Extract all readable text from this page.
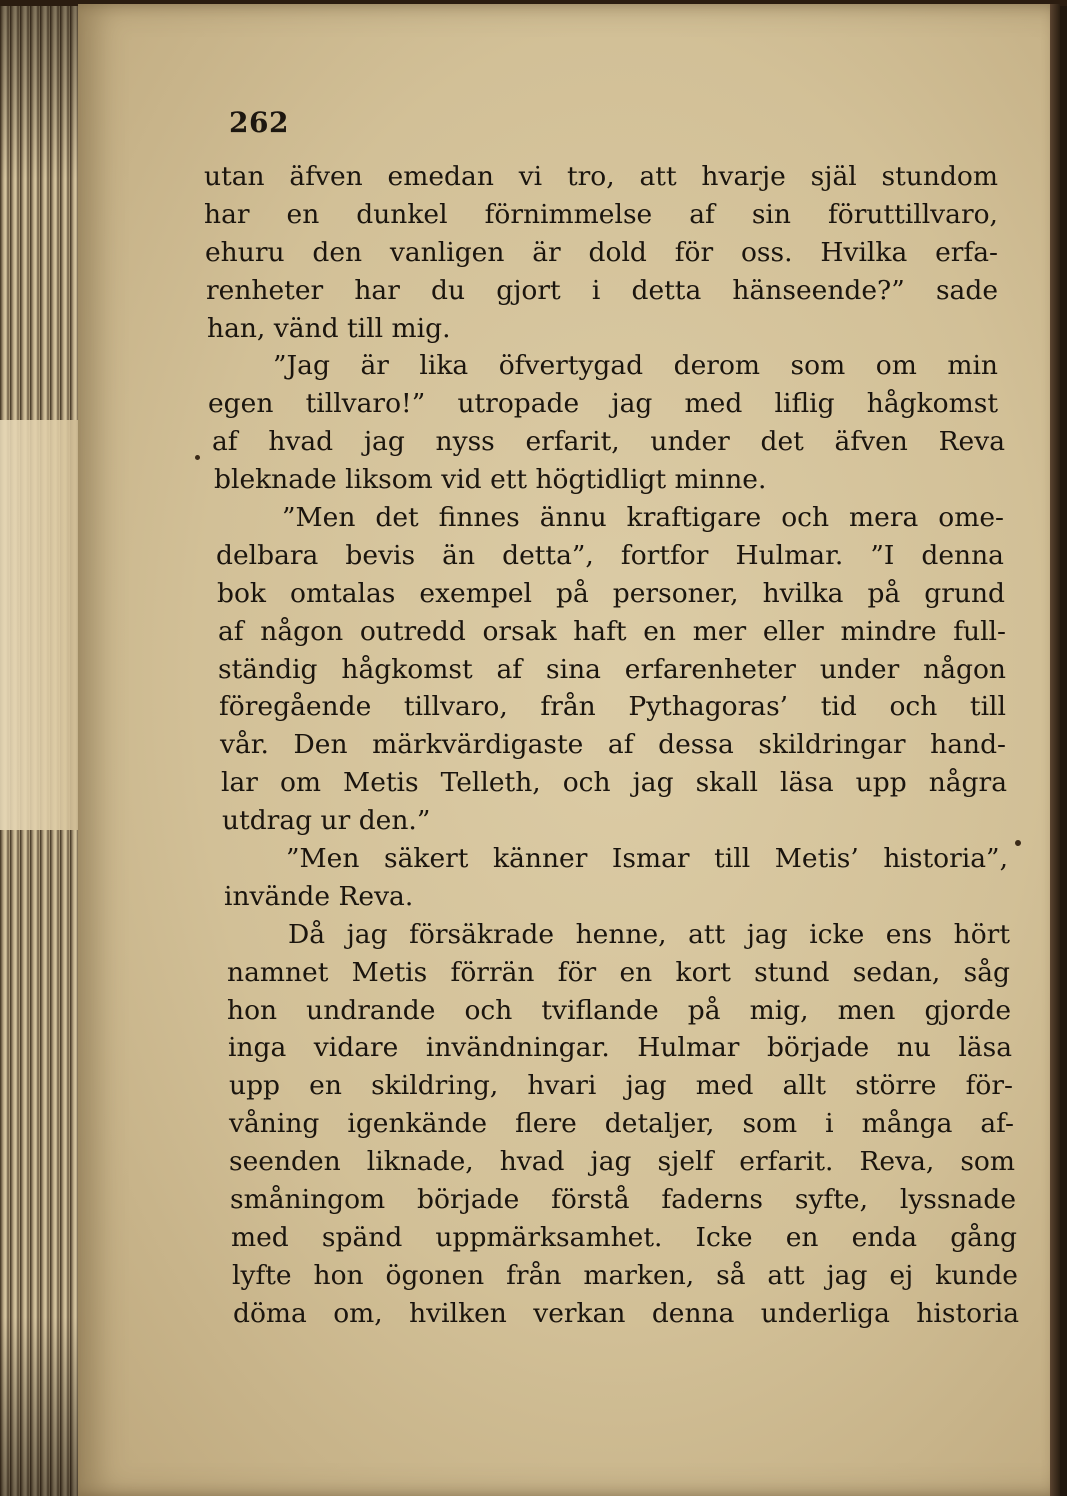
262
utan äfven emedan vi tro, att hvarje själ stundom
har en dunkel förnimmelse af sin föruttillvaro,
ehuru den vanligen är dold för oss. Hvilka erfa-
renheter har du gjort i detta hänseende?” sade
han, vänd till mig.
”Jag är lika öfvertygad derom som om min
egen tillvaro!” utropade jag med liflig hågkomst
af hvad jag nyss erfarit, under det äfven Reva
bleknade liksom vid ett högtidligt minne.
”Men det finnes ännu kraftigare och mera ome-
delbara bevis än detta”, fortfor Hulmar. ”I denna
bok omtalas exempel på personer, hvilka på grund
af någon outredd orsak haft en mer eller mindre full-
ständig hågkomst af sina erfarenheter under någon
föregående tillvaro, från Pythagoras’ tid och till
vår. Den märkvärdigaste af dessa skildringar hand-
lar om Metis Telleth, och jag skall läsa upp några
utdrag ur den.”
”Men säkert känner Ismar till Metis’ historia”,
invände Reva.
Då jag försäkrade henne, att jag icke ens hört
namnet Metis förrän för en kort stund sedan, såg
hon undrande och tviflande på mig, men gjorde
inga vidare invändningar. Hulmar började nu läsa
upp en skildring, hvari jag med allt större för-
våning igenkände flere detaljer, som i många af-
seenden liknade, hvad jag sjelf erfarit. Reva, som
småningom började förstå faderns syfte, lyssnade
med spänd uppmärksamhet. Icke en enda gång
lyfte hon ögonen från marken, så att jag ej kunde
döma om, hvilken verkan denna underliga historia
